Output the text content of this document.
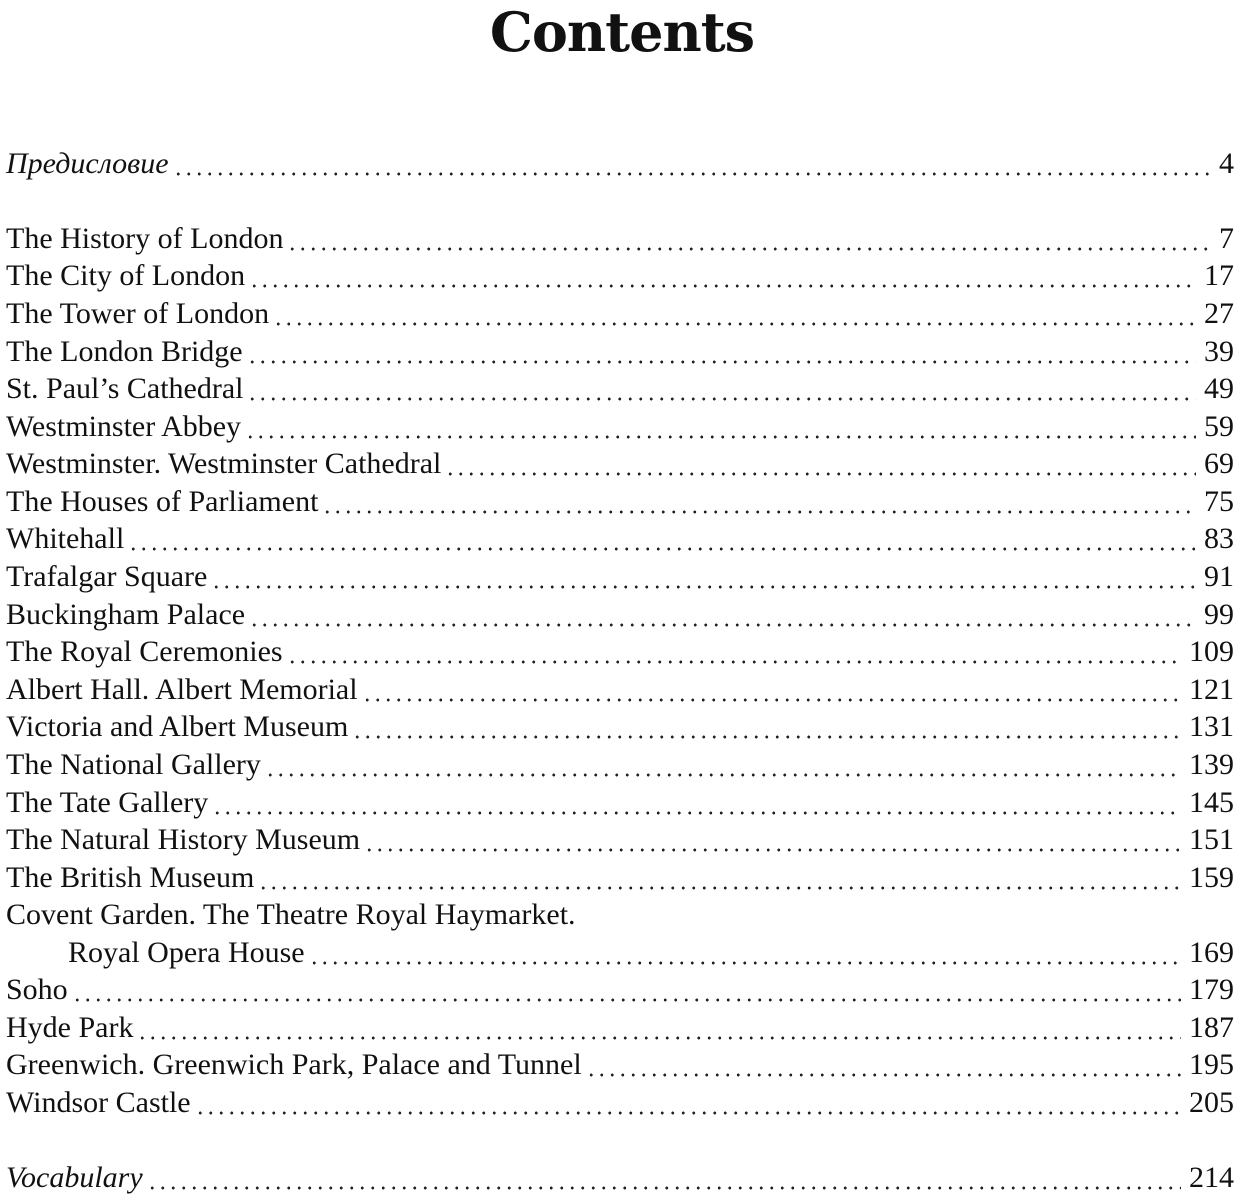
Contents
Предисловие	4
The History of London	7
The City of London	17
The Tower of London	27
The London Bridge	39
St. Paul’s Cathedral	49
Westminster Abbey	59
Westminster. Westminster Cathedral	69
The Houses of Parliament	75
Whitehall	83
Trafalgar Square	91
Buckingham Palace	99
The Royal Ceremonies	109
Albert Hall. Albert Memorial	121
Victoria and Albert Museum	131
The National Gallery	139
The Tate Gallery	145
The Natural History Museum	151
The British Museum	159
Covent Garden. The Theatre Royal Haymarket.
Royal Opera House	169
Soho	179
Hyde Park	187
Greenwich. Greenwich Park, Palace and Tunnel	195
Windsor Castle	205
Vocabulary	214
